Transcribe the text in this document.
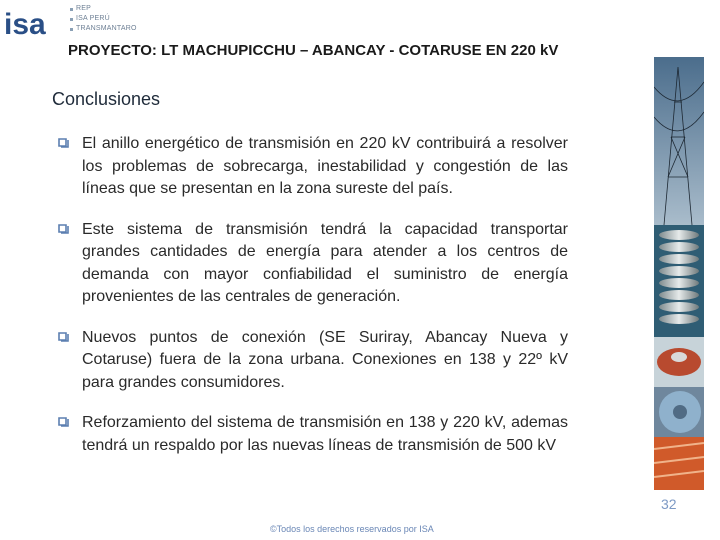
isa	REP
ISA PERÚ
TRANSMANTARO
PROYECTO: LT MACHUPICCHU – ABANCAY - COTARUSE EN 220 kV
Conclusiones
El anillo energético de transmisión en 220 kV contribuirá a resolver los problemas de sobrecarga, inestabilidad y congestión de las líneas que se presentan en la zona sureste del país.
Este sistema de transmisión tendrá la capacidad transportar grandes cantidades de energía para atender a los centros de demanda con mayor confiabilidad el suministro de energía provenientes de las centrales de generación.
Nuevos puntos de conexión (SE Suriray, Abancay Nueva y Cotaruse) fuera de la zona urbana. Conexiones en 138 y 22º kV para grandes consumidores.
Reforzamiento del sistema de transmisión en 138 y 220 kV, ademas tendrá un respaldo por las nuevas líneas de transmisión de 500 kV
32
©Todos los derechos reservados por ISA
